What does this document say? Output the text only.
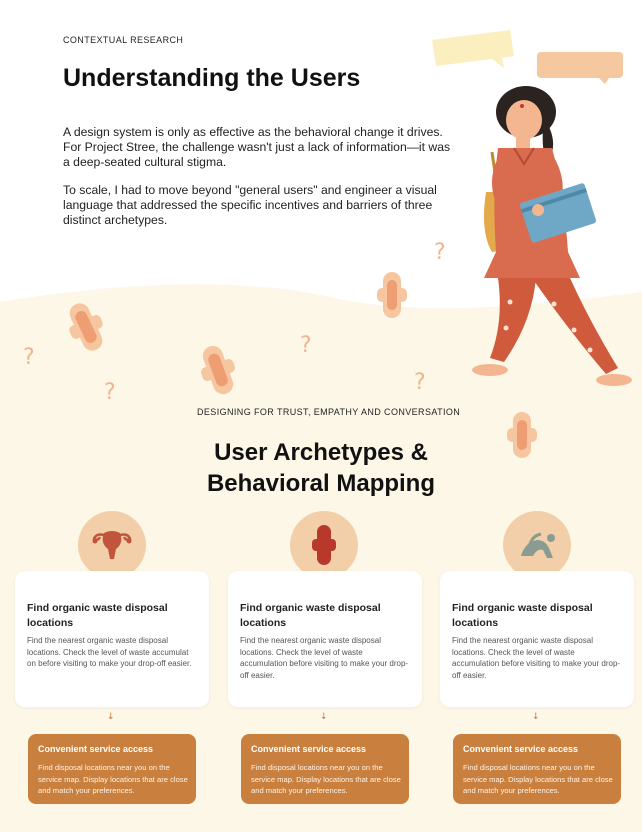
CONTEXTUAL RESEARCH
Understanding the Users

A design system is only as effective as the behavioral change it drives. For Project Stree, the challenge wasn't just a lack of information—it was a deep-seated cultural stigma.

To scale, I had to move beyond "general users" and engineer a visual language that addressed the specific incentives and barriers of three distinct archetypes.

?
?
?
?
?
DESIGNING FOR TRUST, EMPATHY AND CONVERSATION
User Archetypes & Behavioral Mapping
Find organic waste disposal locations
Find the nearest organic waste disposal locations. Check the level of waste accumulat on before visiting to make your drop-off easier.
Find organic waste disposal locations
Find the nearest organic waste disposal locations. Check the level of waste accumulation before visiting to make your drop-off easier.
Find organic waste disposal locations
Find the nearest organic waste disposal locations. Check the level of waste accumulation before visiting to make your drop-off easier.
↓	↓	↓
Convenient service access
Find disposal locations near you on the service map. Display locations that are close and match your preferences.
Convenient service access
Find disposal locations near you on the service map. Display locations that are close and match your preferences.
Convenient service access
Find disposal locations near you on the service map. Display locations that are close and match your preferences.
